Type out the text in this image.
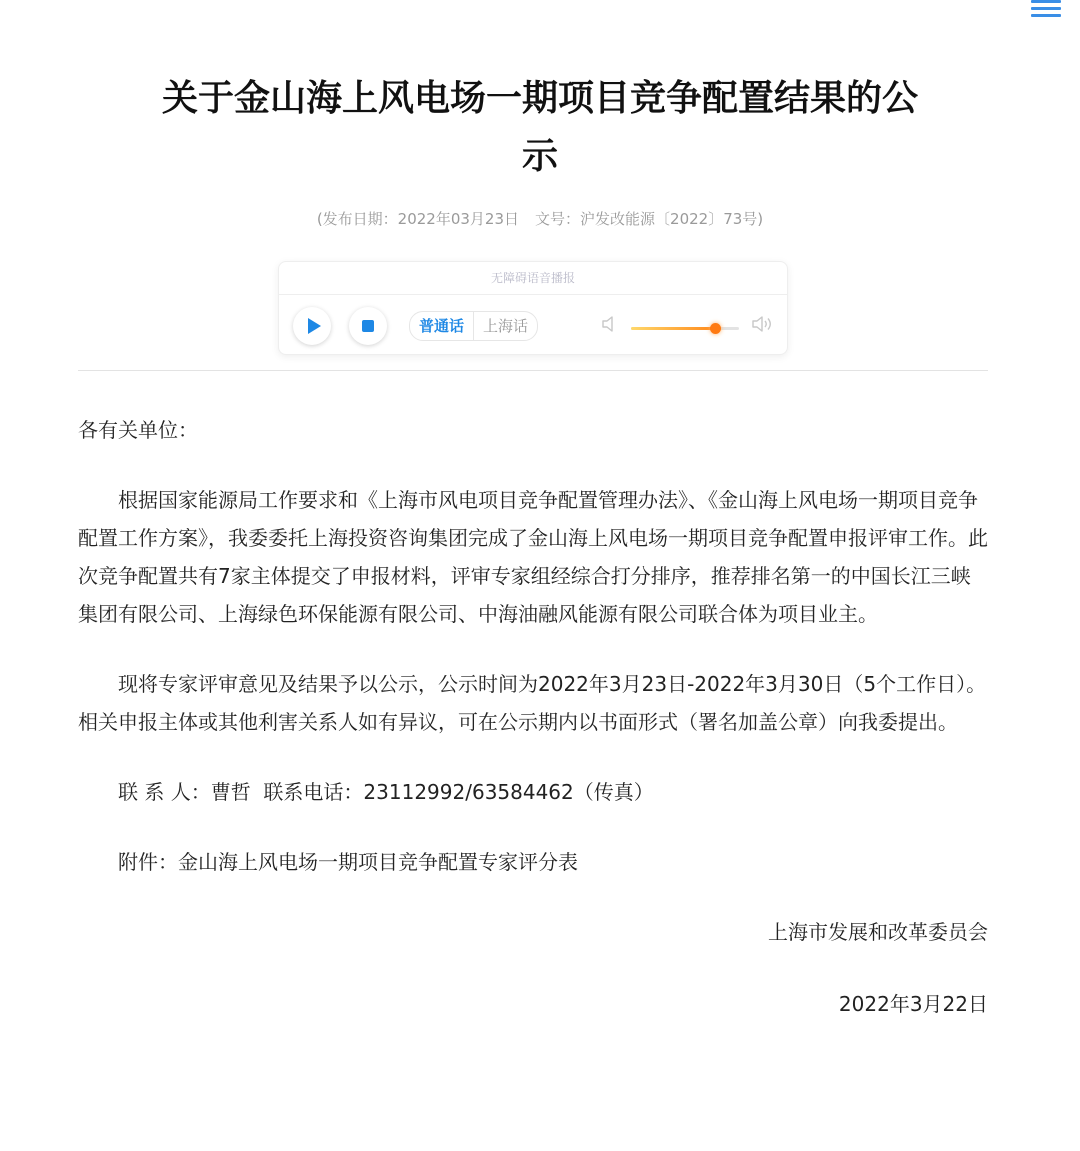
关于金山海上风电场一期项目竞争配置结果的公示
(发布日期：2022年03月23日 文号：沪发改能源〔2022〕73号)
无障碍语音播报
普通话	上海话

各有关单位：

根据国家能源局工作要求和《上海市风电项目竞争配置管理办法》、《金山海上风电场一期项目竞争配置工作方案》，我委委托上海投资咨询集团完成了金山海上风电场一期项目竞争配置申报评审工作。此次竞争配置共有7家主体提交了申报材料，评审专家组经综合打分排序，推荐排名第一的中国长江三峡集团有限公司、上海绿色环保能源有限公司、中海油融风能源有限公司联合体为项目业主。

现将专家评审意见及结果予以公示，公示时间为2022年3月23日-2022年3月30日（5个工作日）。相关申报主体或其他利害关系人如有异议，可在公示期内以书面形式（署名加盖公章）向我委提出。

联 系 人：曹哲  联系电话：23112992/63584462（传真）

附件：金山海上风电场一期项目竞争配置专家评分表

上海市发展和改革委员会

2022年3月22日
